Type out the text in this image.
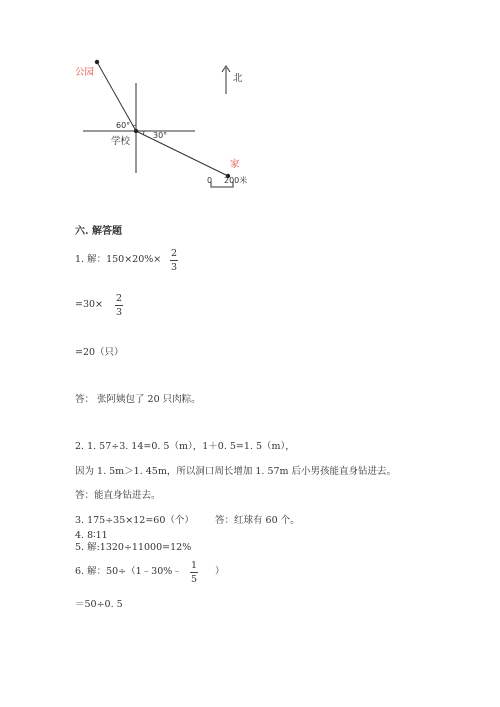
公园
北
60°
30°
学校
家
0 200米
六. 解答题
1. 解：150×20%×
2
3
=30×
2
3
=20（只）
答： 张阿姨包了 20 只肉粽。
2. 1. 57÷3. 14=0. 5（m），1＋0. 5=1. 5（m），
因为 1. 5m＞1. 45m，所以洞口周长增加 1. 57m 后小男孩能直身钻进去。
答：能直身钻进去。
3. 175÷35×12=60（个） 答：红球有 60 个。
4. 8∶11
5. 解:1320÷11000=12%
6. 解：50÷（1﹣30%﹣
1
5
）
＝50÷0. 5
